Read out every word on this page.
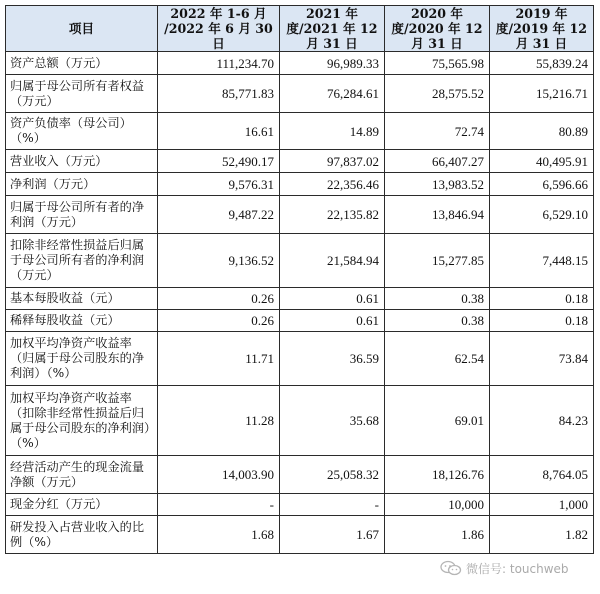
项目	2022 年 1-6 月 /2022 年 6 月 30 日	2021 年度/2021 年 12 月 31 日	2020 年度/2020 年 12 月 31 日	2019 年度/2019 年 12 月 31 日
资产总额（万元）	111,234.70	96,989.33	75,565.98	55,839.24
归属于母公司所有者权益（万元）	85,771.83	76,284.61	28,575.52	15,216.71
资产负债率（母公司）（%）	16.61	14.89	72.74	80.89
营业收入（万元）	52,490.17	97,837.02	66,407.27	40,495.91
净利润（万元）	9,576.31	22,356.46	13,983.52	6,596.66
归属于母公司所有者的净利润（万元）	9,487.22	22,135.82	13,846.94	6,529.10
扣除非经常性损益后归属于母公司所有者的净利润（万元）	9,136.52	21,584.94	15,277.85	7,448.15
基本每股收益（元）	0.26	0.61	0.38	0.18
稀释每股收益（元）	0.26	0.61	0.38	0.18
加权平均净资产收益率（归属于母公司股东的净利润）（%）	11.71	36.59	62.54	73.84
加权平均净资产收益率（扣除非经常性损益后归属于母公司股东的净利润）（%）	11.28	35.68	69.01	84.23
经营活动产生的现金流量净额（万元）	14,003.90	25,058.32	18,126.76	8,764.05
现金分红（万元）	-	-	10,000	1,000
研发投入占营业收入的比例（%）	1.68	1.67	1.86	1.82
微信号: touchweb
